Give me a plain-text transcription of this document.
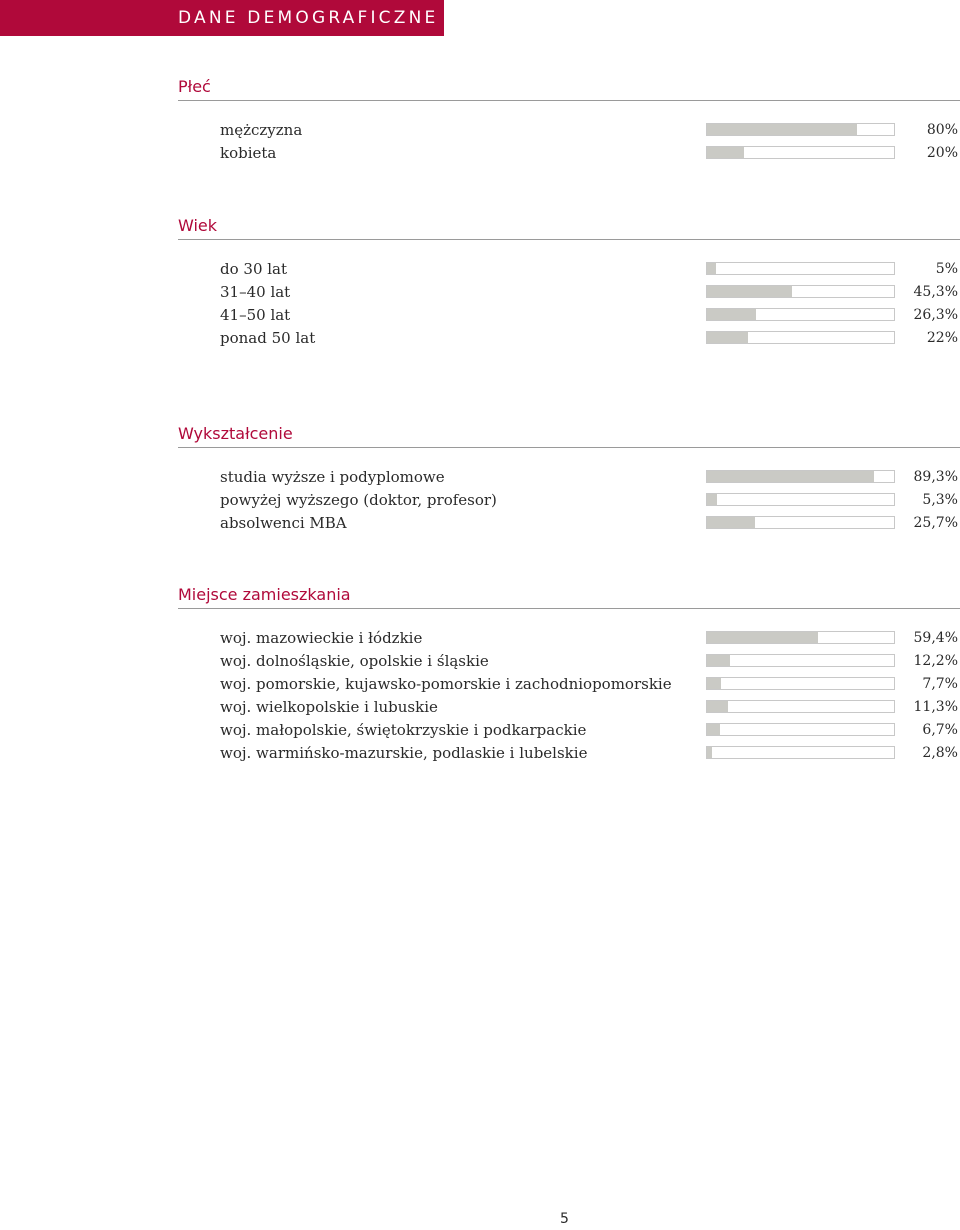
DANE DEMOGRAFICZNE
Płeć
mężczyzna	80%
kobieta	20%
Wiek
do 30 lat	5%
31–40 lat	45,3%
41–50 lat	26,3%
ponad 50 lat	22%
Wykształcenie
studia wyższe i podyplomowe	89,3%
powyżej wyższego (doktor, profesor)	5,3%
absolwenci MBA	25,7%
Miejsce zamieszkania
woj. mazowieckie i łódzkie	59,4%
woj. dolnośląskie, opolskie i śląskie	12,2%
woj. pomorskie, kujawsko-pomorskie i zachodniopomorskie	7,7%
woj. wielkopolskie i lubuskie	11,3%
woj. małopolskie, świętokrzyskie i podkarpackie	6,7%
woj. warmińsko-mazurskie, podlaskie i lubelskie	2,8%
5
